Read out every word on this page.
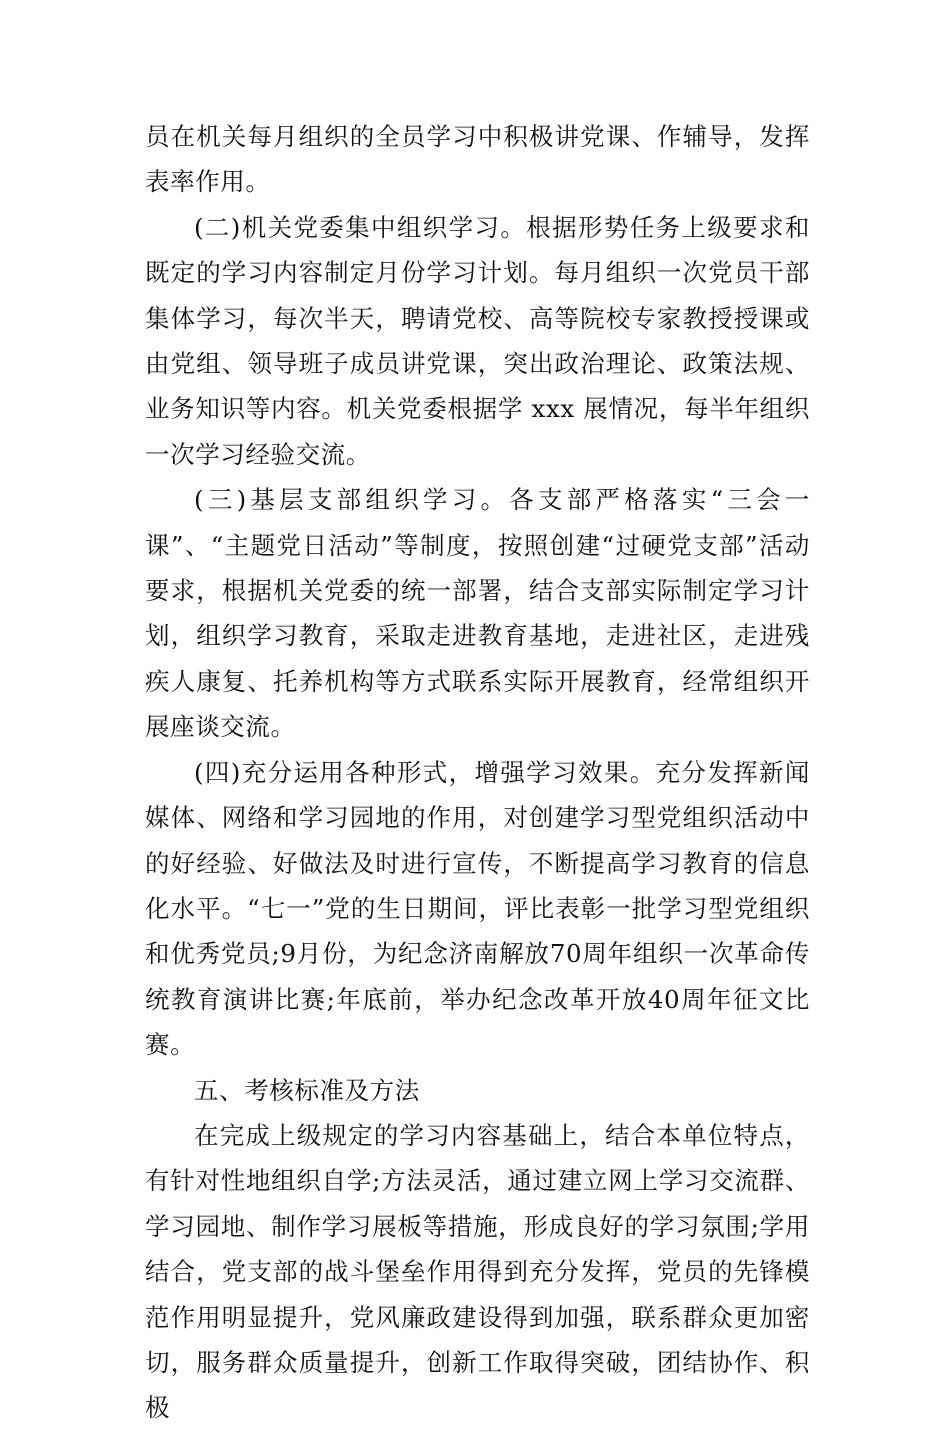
员在机关每月组织的全员学习中积极讲党课、作辅导，发挥表率作用。

(二)机关党委集中组织学习。根据形势任务上级要求和既定的学习内容制定月份学习计划。每月组织一次党员干部集体学习，每次半天，聘请党校、高等院校专家教授授课或由党组、领导班子成员讲党课，突出政治理论、政策法规、业务知识等内容。机关党委根据学 xxx 展情况，每半年组织一次学习经验交流。

(三)基层支部组织学习。各支部严格落实“三会一课”、“主题党日活动”等制度，按照创建“过硬党支部”活动要求，根据机关党委的统一部署，结合支部实际制定学习计划，组织学习教育，采取走进教育基地，走进社区，走进残疾人康复、托养机构等方式联系实际开展教育，经常组织开展座谈交流。

(四)充分运用各种形式，增强学习效果。充分发挥新闻媒体、网络和学习园地的作用，对创建学习型党组织活动中的好经验、好做法及时进行宣传，不断提高学习教育的信息化水平。“七一”党的生日期间，评比表彰一批学习型党组织和优秀党员;9月份，为纪念济南解放70周年组织一次革命传统教育演讲比赛;年底前，举办纪念改革开放40周年征文比赛。

五、考核标准及方法

在完成上级规定的学习内容基础上，结合本单位特点，有针对性地组织自学;方法灵活，通过建立网上学习交流群、学习园地、制作学习展板等措施，形成良好的学习氛围;学用结合，党支部的战斗堡垒作用得到充分发挥，党员的先锋模范作用明显提升，党风廉政建设得到加强，联系群众更加密切，服务群众质量提升，创新工作取得突破，团结协作、积极
